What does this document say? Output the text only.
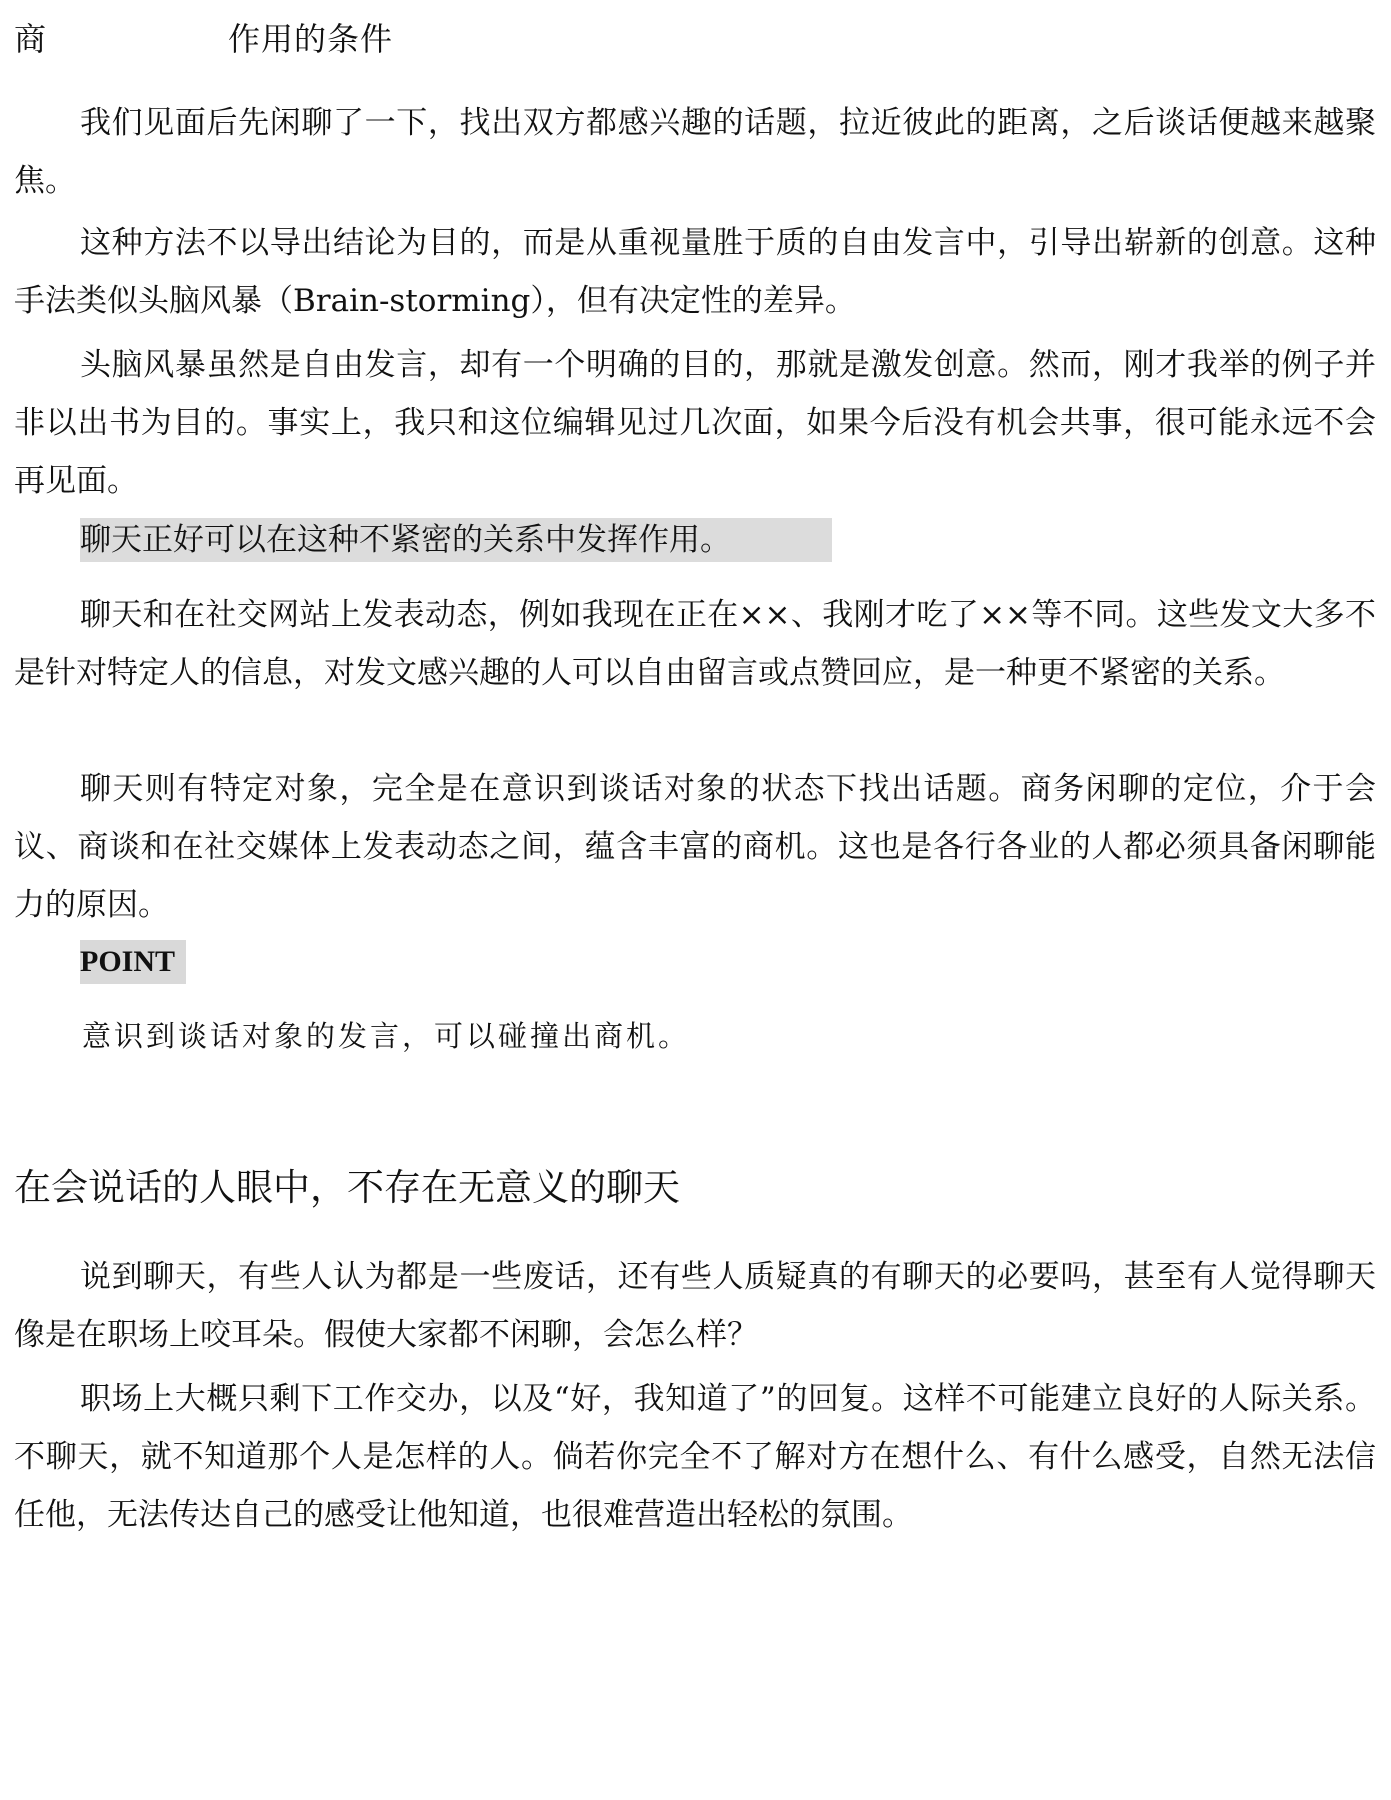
商	作用的条件

我们见面后先闲聊了一下，找出双方都感兴趣的话题，拉近彼此的距离，之后谈话便越来越聚焦。

这种方法不以导出结论为目的，而是从重视量胜于质的自由发言中，引导出崭新的创意。这种手法类似头脑风暴（Brain-storming），但有决定性的差异。

头脑风暴虽然是自由发言，却有一个明确的目的，那就是激发创意。然而，刚才我举的例子并非以出书为目的。事实上，我只和这位编辑见过几次面，如果今后没有机会共事，很可能永远不会再见面。

聊天正好可以在这种不紧密的关系中发挥作用。

聊天和在社交网站上发表动态，例如我现在正在××、我刚才吃了××等不同。这些发文大多不是针对特定人的信息，对发文感兴趣的人可以自由留言或点赞回应，是一种更不紧密的关系。

聊天则有特定对象，完全是在意识到谈话对象的状态下找出话题。商务闲聊的定位，介于会议、商谈和在社交媒体上发表动态之间，蕴含丰富的商机。这也是各行各业的人都必须具备闲聊能力的原因。

POINT
意识到谈话对象的发言，可以碰撞出商机。
在会说话的人眼中，不存在无意义的聊天

说到聊天，有些人认为都是一些废话，还有些人质疑真的有聊天的必要吗，甚至有人觉得聊天像是在职场上咬耳朵。假使大家都不闲聊，会怎么样？

职场上大概只剩下工作交办，以及“好，我知道了”的回复。这样不可能建立良好的人际关系。不聊天，就不知道那个人是怎样的人。倘若你完全不了解对方在想什么、有什么感受，自然无法信任他，无法传达自己的感受让他知道，也很难营造出轻松的氛围。
